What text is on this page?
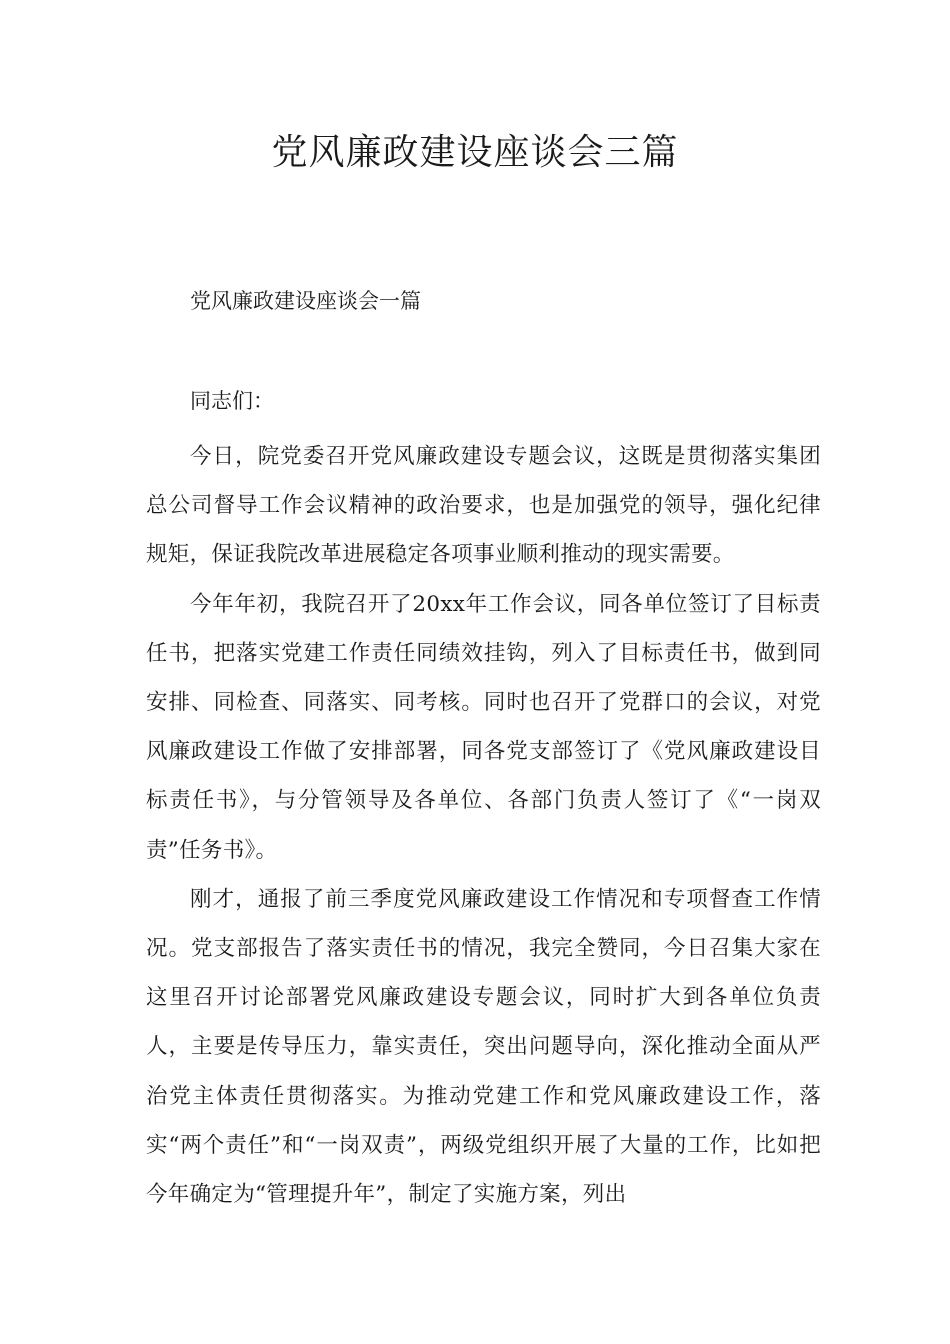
党风廉政建设座谈会三篇

党风廉政建设座谈会一篇

同志们：

今日，院党委召开党风廉政建设专题会议，这既是贯彻落实集团总公司督导工作会议精神的政治要求，也是加强党的领导，强化纪律规矩，保证我院改革进展稳定各项事业顺利推动的现实需要。

今年年初，我院召开了20xx年工作会议，同各单位签订了目标责任书，把落实党建工作责任同绩效挂钩，列入了目标责任书，做到同安排、同检查、同落实、同考核。同时也召开了党群口的会议，对党风廉政建设工作做了安排部署，同各党支部签订了《党风廉政建设目标责任书》，与分管领导及各单位、各部门负责人签订了《“一岗双责”任务书》。

刚才，通报了前三季度党风廉政建设工作情况和专项督查工作情况。党支部报告了落实责任书的情况，我完全赞同，今日召集大家在这里召开讨论部署党风廉政建设专题会议，同时扩大到各单位负责人，主要是传导压力，靠实责任，突出问题导向，深化推动全面从严治党主体责任贯彻落实。为推动党建工作和党风廉政建设工作，落实“两个责任”和“一岗双责”，两级党组织开展了大量的工作，比如把今年确定为“管理提升年”，制定了实施方案，列出
